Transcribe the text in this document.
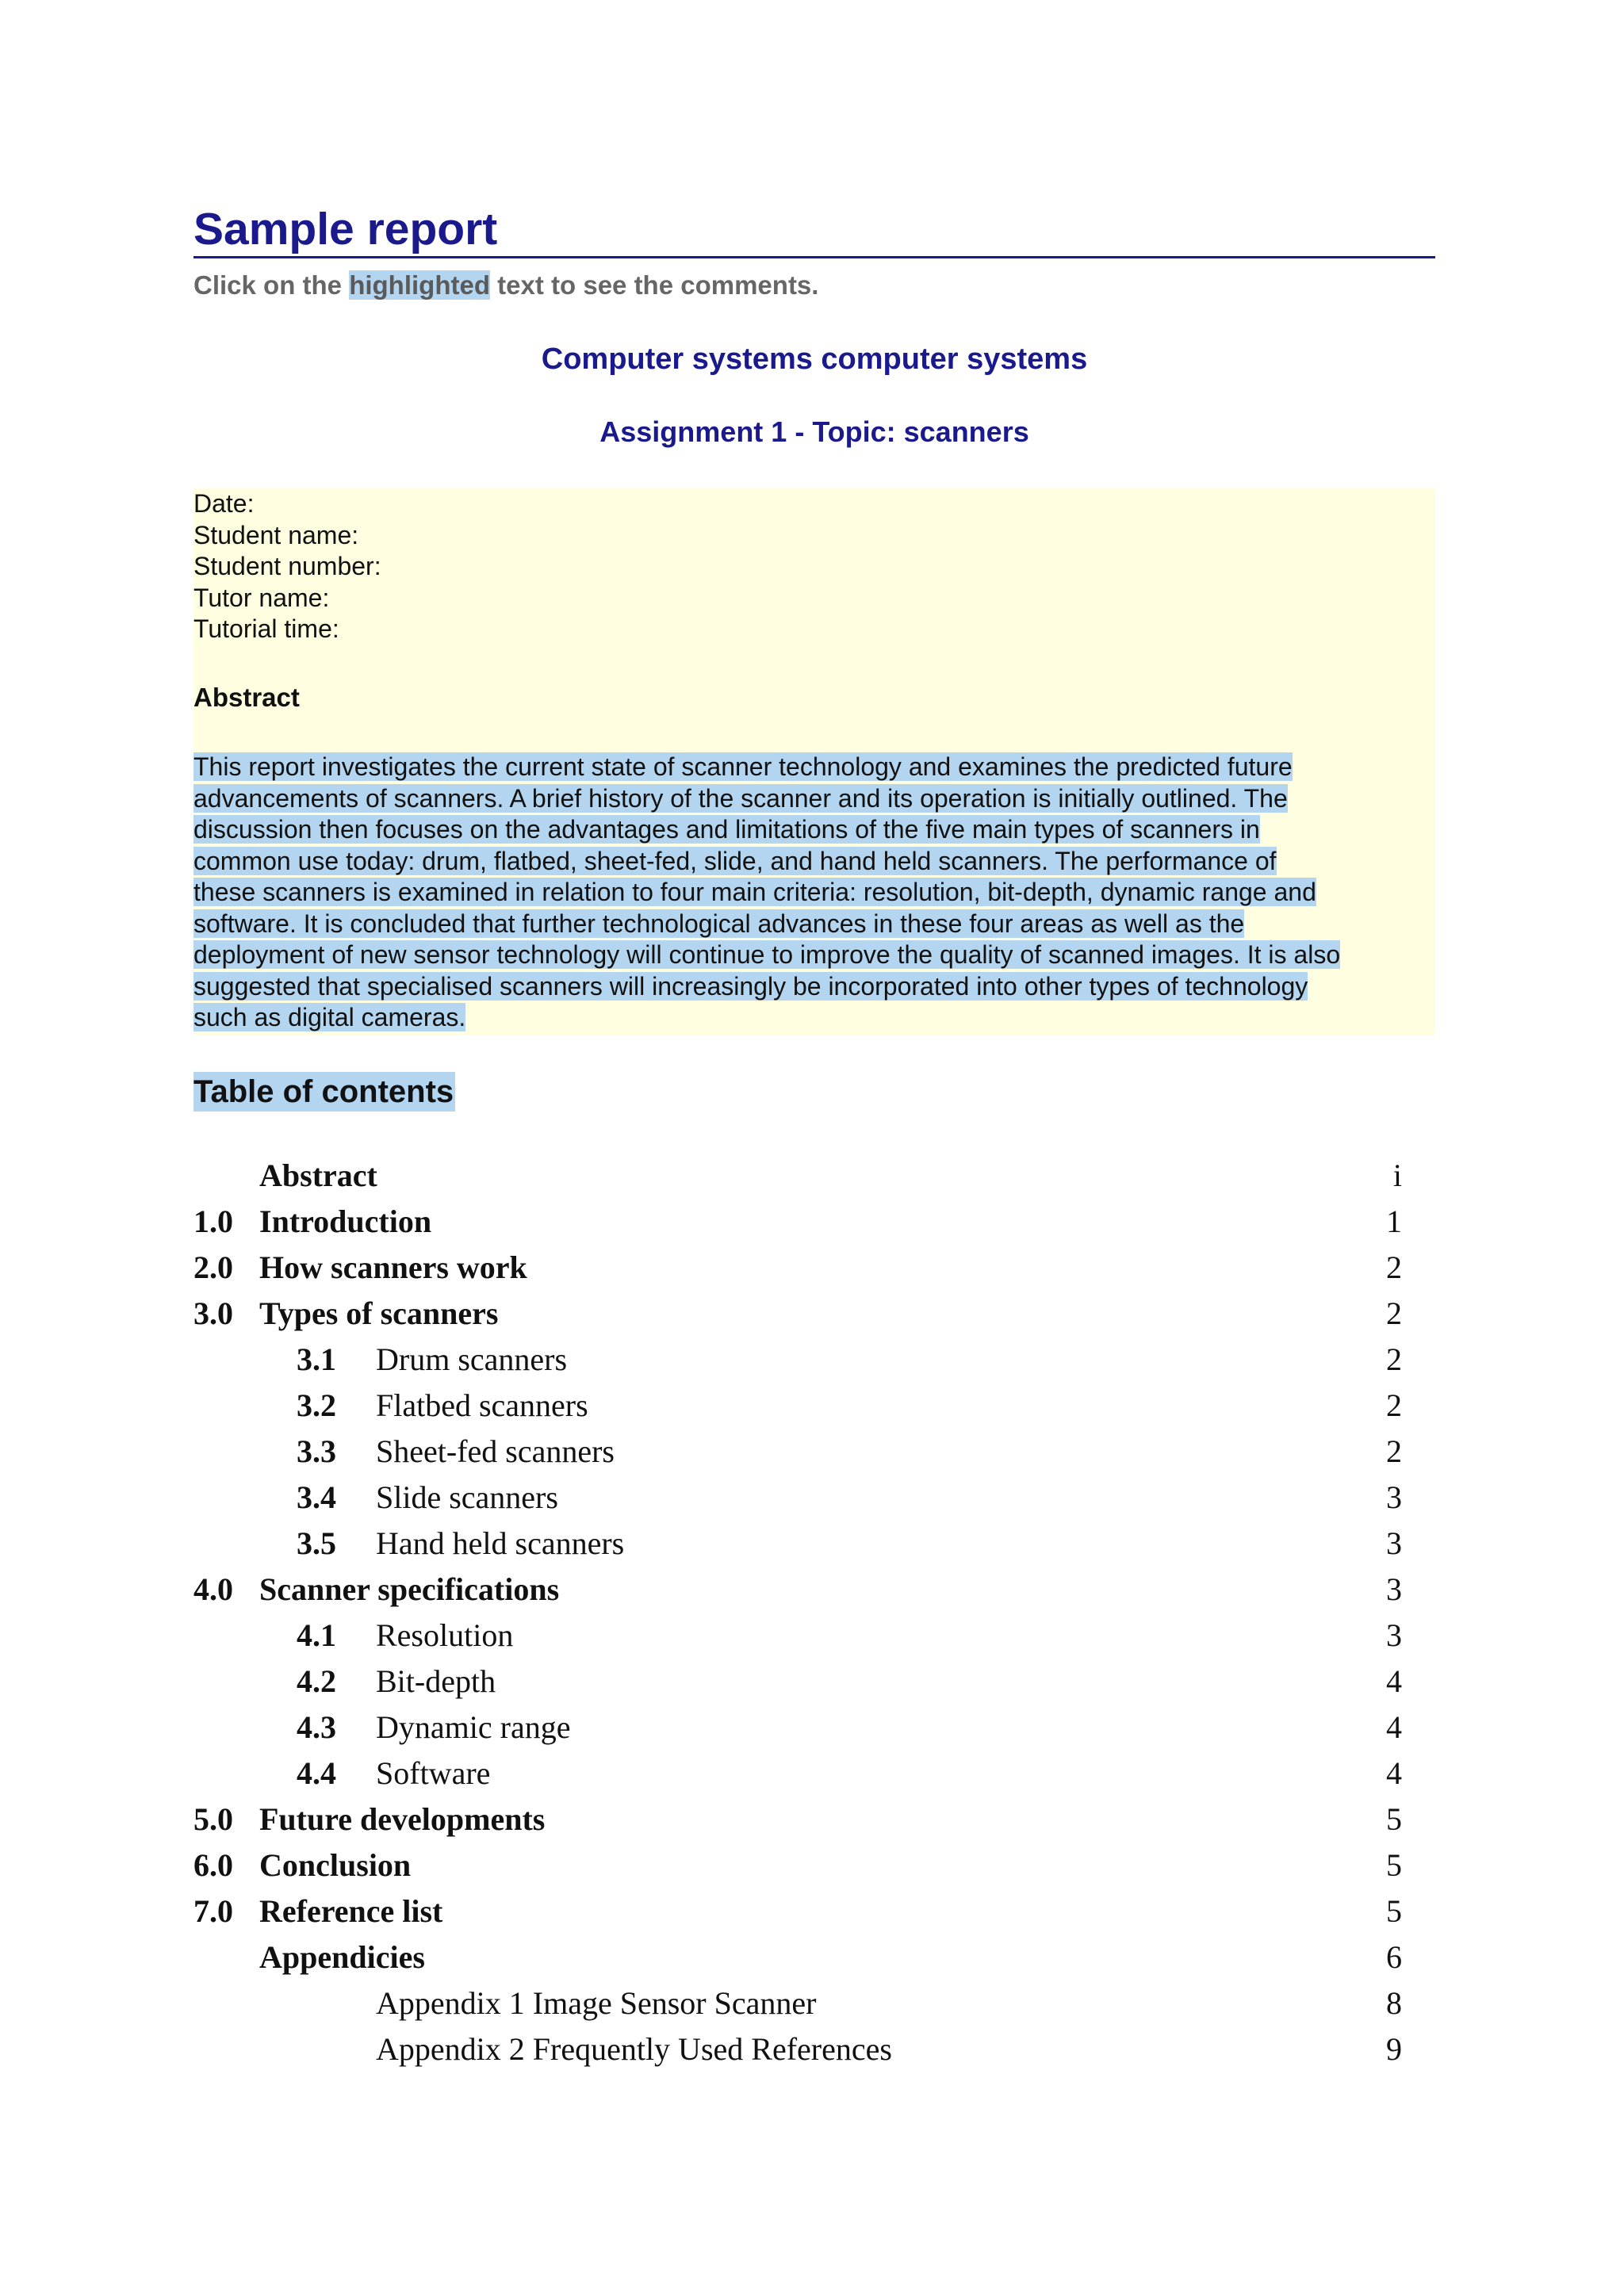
Sample report
Click on the highlighted text to see the comments.
Computer systems computer systems
Assignment 1 - Topic: scanners
Date:
Student name:
Student number:
Tutor name:
Tutorial time:
Abstract
This report investigates the current state of scanner technology and examines the predicted future
advancements of scanners. A brief history of the scanner and its operation is initially outlined. The
discussion then focuses on the advantages and limitations of the five main types of scanners in
common use today: drum, flatbed, sheet-fed, slide, and hand held scanners. The performance of
these scanners is examined in relation to four main criteria: resolution, bit-depth, dynamic range and
software. It is concluded that further technological advances in these four areas as well as the
deployment of new sensor technology will continue to improve the quality of scanned images. It is also
suggested that specialised scanners will increasingly be incorporated into other types of technology
such as digital cameras.
Table of contents
Abstract	i
1.0 Introduction	1
2.0 How scanners work	2
3.0 Types of scanners	2
3.1 Drum scanners	2
3.2 Flatbed scanners	2
3.3 Sheet-fed scanners	2
3.4 Slide scanners	3
3.5 Hand held scanners	3
4.0 Scanner specifications	3
4.1 Resolution	3
4.2 Bit-depth	4
4.3 Dynamic range	4
4.4 Software	4
5.0 Future developments	5
6.0 Conclusion	5
7.0 Reference list	5
Appendicies	6
Appendix 1 Image Sensor Scanner	8
Appendix 2 Frequently Used References	9
